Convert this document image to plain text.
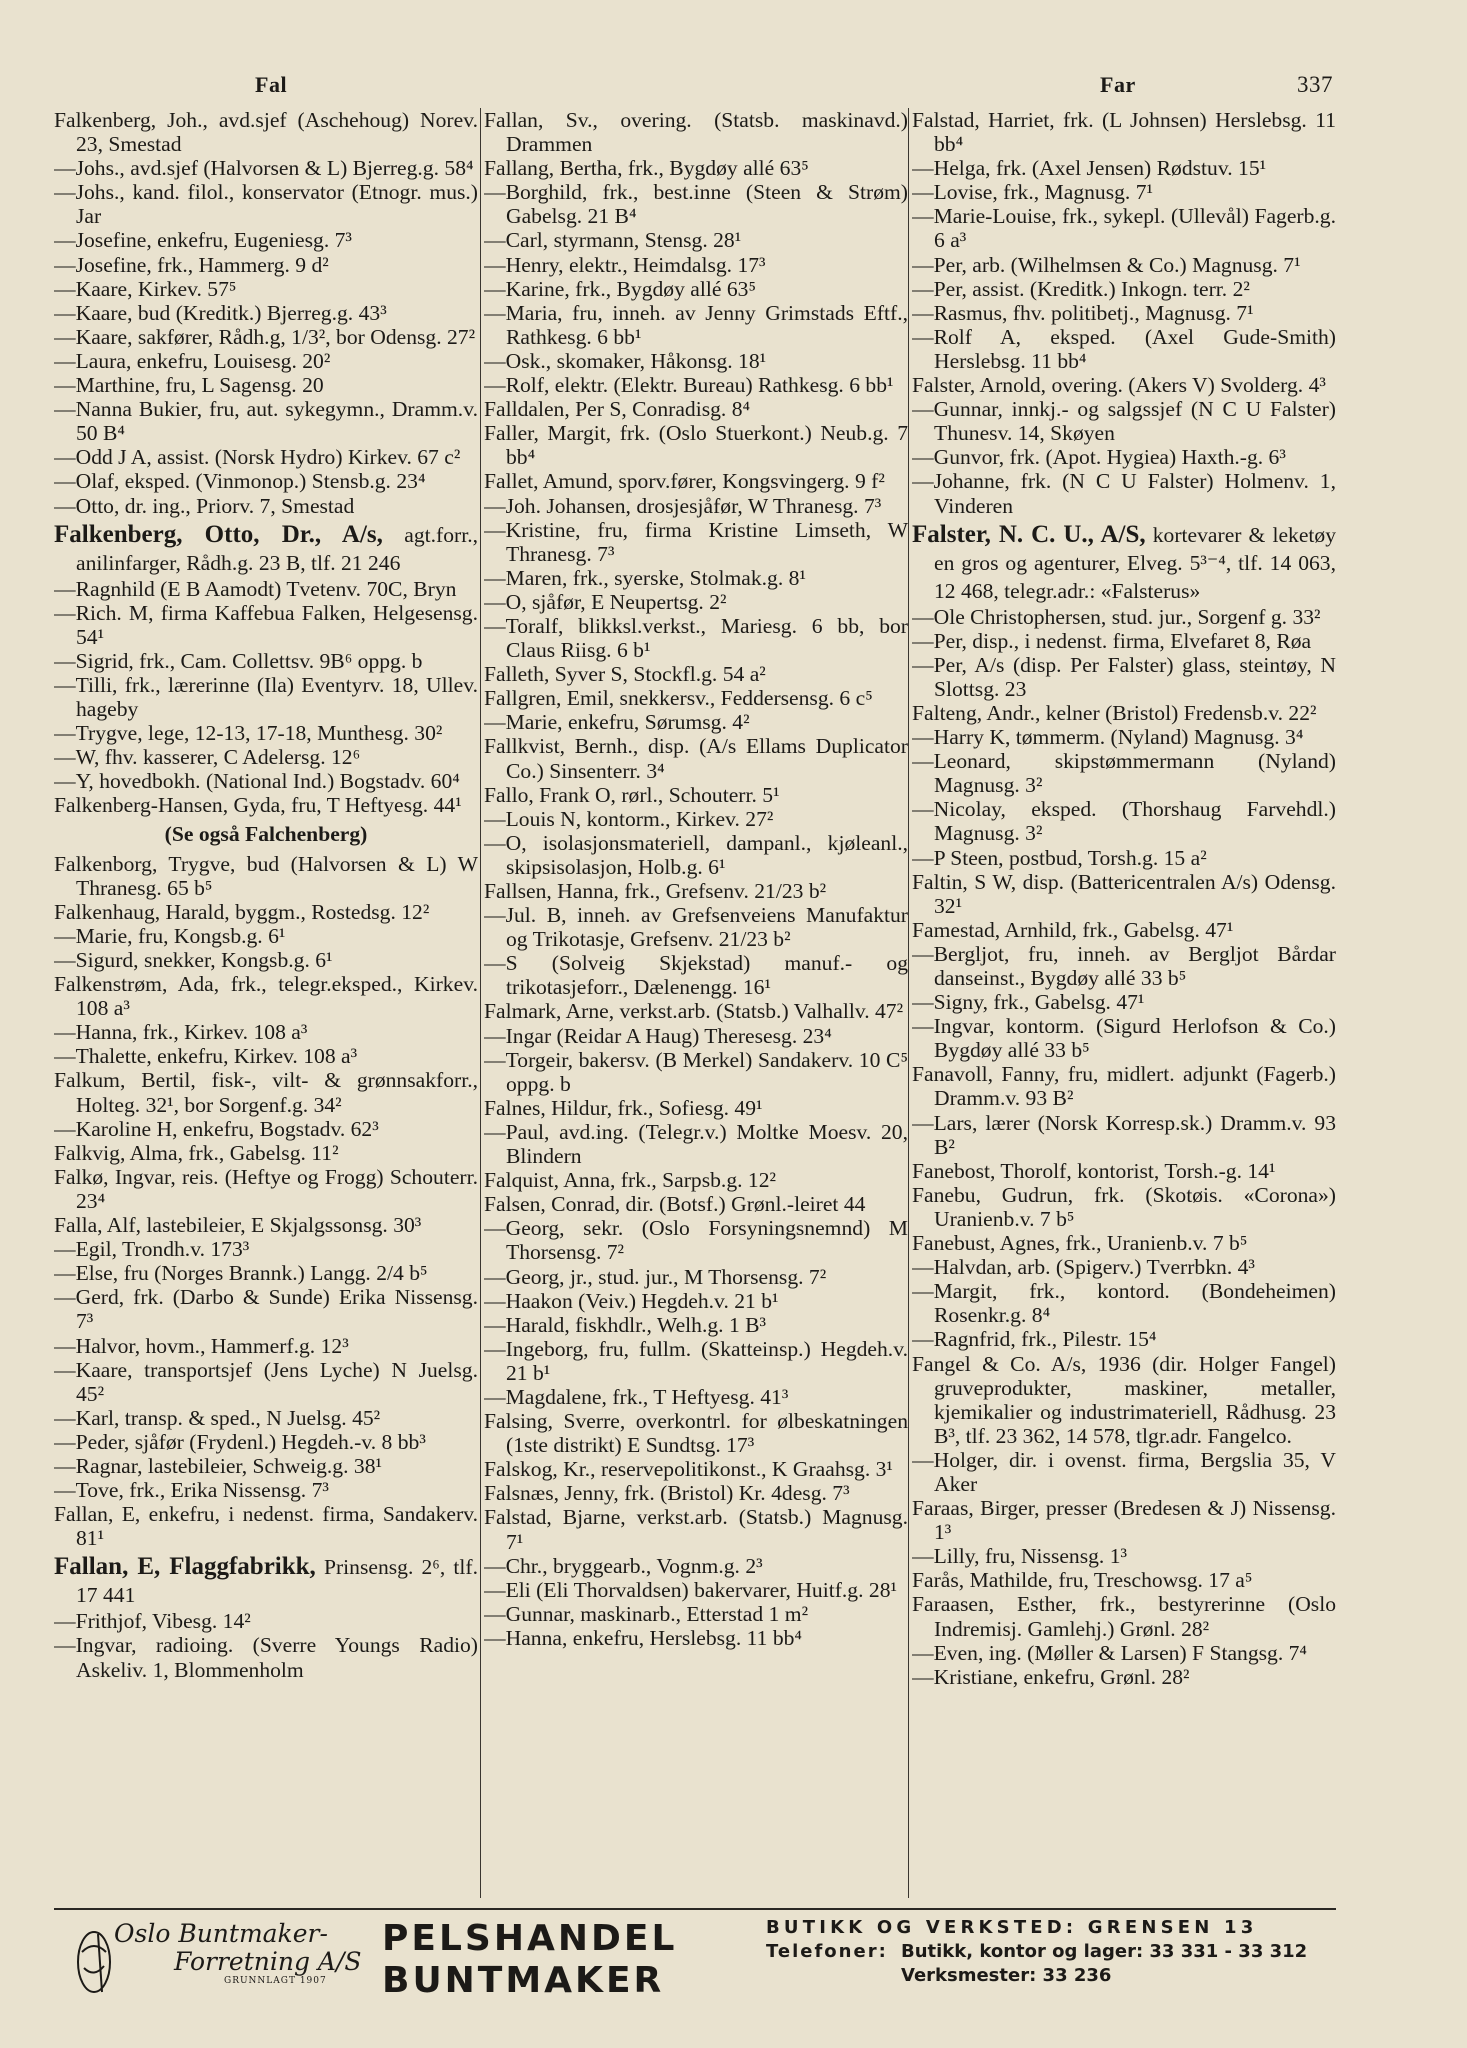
Fal	Far	337
Falkenberg, Joh., avd.sjef (Aschehoug) Norev. 23, Smestad
—Johs., avd.sjef (Halvorsen & L) Bjerreg.g. 58⁴
—Johs., kand. filol., konservator (Etnogr. mus.) Jar
—Josefine, enkefru, Eugeniesg. 7³
—Josefine, frk., Hammerg. 9 d²
—Kaare, Kirkev. 57⁵
—Kaare, bud (Kreditk.) Bjerreg.g. 43³
—Kaare, sakfører, Rådh.g, 1/3², bor Odensg. 27²
—Laura, enkefru, Louisesg. 20²
—Marthine, fru, L Sagensg. 20
—Nanna Bukier, fru, aut. sykegymn., Dramm.v. 50 B⁴
—Odd J A, assist. (Norsk Hydro) Kirkev. 67 c²
—Olaf, eksped. (Vinmonop.) Stensb.g. 23⁴
—Otto, dr. ing., Priorv. 7, Smestad
Falkenberg, Otto, Dr., A/s, agt.forr., anilinfarger, Rådh.g. 23 B, tlf. 21 246
—Ragnhild (E B Aamodt) Tvetenv. 70C, Bryn
—Rich. M, firma Kaffebua Falken, Helgesensg. 54¹
—Sigrid, frk., Cam. Collettsv. 9B⁶ oppg. b
—Tilli, frk., lærerinne (Ila) Eventyrv. 18, Ullev. hageby
—Trygve, lege, 12-13, 17-18, Munthesg. 30²
—W, fhv. kasserer, C Adelersg. 12⁶
—Y, hovedbokh. (National Ind.) Bogstadv. 60⁴
Falkenberg-Hansen, Gyda, fru, T Heftyesg. 44¹
(Se også Falchenberg)
Falkenborg, Trygve, bud (Halvorsen & L) W Thranesg. 65 b⁵
Falkenhaug, Harald, byggm., Rostedsg. 12²
—Marie, fru, Kongsb.g. 6¹
—Sigurd, snekker, Kongsb.g. 6¹
Falkenstrøm, Ada, frk., telegr.eksped., Kirkev. 108 a³
—Hanna, frk., Kirkev. 108 a³
—Thalette, enkefru, Kirkev. 108 a³
Falkum, Bertil, fisk-, vilt- & grønnsakforr., Holteg. 32¹, bor Sorgenf.g. 34²
—Karoline H, enkefru, Bogstadv. 62³
Falkvig, Alma, frk., Gabelsg. 11²
Falkø, Ingvar, reis. (Heftye og Frogg) Schouterr. 23⁴
Falla, Alf, lastebileier, E Skjalgssonsg. 30³
—Egil, Trondh.v. 173³
—Else, fru (Norges Brannk.) Langg. 2/4 b⁵
—Gerd, frk. (Darbo & Sunde) Erika Nissensg. 7³
—Halvor, hovm., Hammerf.g. 12³
—Kaare, transportsjef (Jens Lyche) N Juelsg. 45²
—Karl, transp. & sped., N Juelsg. 45²
—Peder, sjåfør (Frydenl.) Hegdeh.-v. 8 bb³
—Ragnar, lastebileier, Schweig.g. 38¹
—Tove, frk., Erika Nissensg. 7³
Fallan, E, enkefru, i nedenst. firma, Sandakerv. 81¹
Fallan, E, Flaggfabrikk, Prinsensg. 2⁶, tlf. 17 441
—Frithjof, Vibesg. 14²
—Ingvar, radioing. (Sverre Youngs Radio) Askeliv. 1, Blommenholm
Fallan, Sv., overing. (Statsb. maskinavd.) Drammen
Fallang, Bertha, frk., Bygdøy allé 63⁵
—Borghild, frk., best.inne (Steen & Strøm) Gabelsg. 21 B⁴
—Carl, styrmann, Stensg. 28¹
—Henry, elektr., Heimdalsg. 17³
—Karine, frk., Bygdøy allé 63⁵
—Maria, fru, inneh. av Jenny Grimstads Eftf., Rathkesg. 6 bb¹
—Osk., skomaker, Håkonsg. 18¹
—Rolf, elektr. (Elektr. Bureau) Rathkesg. 6 bb¹
Falldalen, Per S, Conradisg. 8⁴
Faller, Margit, frk. (Oslo Stuerkont.) Neub.g. 7 bb⁴
Fallet, Amund, sporv.fører, Kongsvingerg. 9 f²
—Joh. Johansen, drosjesjåfør, W Thranesg. 7³
—Kristine, fru, firma Kristine Limseth, W Thranesg. 7³
—Maren, frk., syerske, Stolmak.g. 8¹
—O, sjåfør, E Neupertsg. 2²
—Toralf, blikksl.verkst., Mariesg. 6 bb, bor Claus Riisg. 6 b¹
Falleth, Syver S, Stockfl.g. 54 a²
Fallgren, Emil, snekkersv., Feddersensg. 6 c⁵
—Marie, enkefru, Sørumsg. 4²
Fallkvist, Bernh., disp. (A/s Ellams Duplicator Co.) Sinsenterr. 3⁴
Fallo, Frank O, rørl., Schouterr. 5¹
—Louis N, kontorm., Kirkev. 27²
—O, isolasjonsmateriell, dampanl., kjøleanl., skipsisolasjon, Holb.g. 6¹
Fallsen, Hanna, frk., Grefsenv. 21/23 b²
—Jul. B, inneh. av Grefsenveiens Manufaktur og Trikotasje, Grefsenv. 21/23 b²
—S (Solveig Skjekstad) manuf.- og trikotasjeforr., Dælenengg. 16¹
Falmark, Arne, verkst.arb. (Statsb.) Valhallv. 47²
—Ingar (Reidar A Haug) Theresesg. 23⁴
—Torgeir, bakersv. (B Merkel) Sandakerv. 10 C⁵ oppg. b
Falnes, Hildur, frk., Sofiesg. 49¹
—Paul, avd.ing. (Telegr.v.) Moltke Moesv. 20, Blindern
Falquist, Anna, frk., Sarpsb.g. 12²
Falsen, Conrad, dir. (Botsf.) Grønl.-leiret 44
—Georg, sekr. (Oslo Forsyningsnemnd) M Thorsensg. 7²
—Georg, jr., stud. jur., M Thorsensg. 7²
—Haakon (Veiv.) Hegdeh.v. 21 b¹
—Harald, fiskhdlr., Welh.g. 1 B³
—Ingeborg, fru, fullm. (Skatteinsp.) Hegdeh.v. 21 b¹
—Magdalene, frk., T Heftyesg. 41³
Falsing, Sverre, overkontrl. for ølbeskatningen (1ste distrikt) E Sundtsg. 17³
Falskog, Kr., reservepolitikonst., K Graahsg. 3¹
Falsnæs, Jenny, frk. (Bristol) Kr. 4desg. 7³
Falstad, Bjarne, verkst.arb. (Statsb.) Magnusg. 7¹
—Chr., bryggearb., Vognm.g. 2³
—Eli (Eli Thorvaldsen) bakervarer, Huitf.g. 28¹
—Gunnar, maskinarb., Etterstad 1 m²
—Hanna, enkefru, Herslebsg. 11 bb⁴
Falstad, Harriet, frk. (L Johnsen) Herslebsg. 11 bb⁴
—Helga, frk. (Axel Jensen) Rødstuv. 15¹
—Lovise, frk., Magnusg. 7¹
—Marie-Louise, frk., sykepl. (Ullevål) Fagerb.g. 6 a³
—Per, arb. (Wilhelmsen & Co.) Magnusg. 7¹
—Per, assist. (Kreditk.) Inkogn. terr. 2²
—Rasmus, fhv. politibetj., Magnusg. 7¹
—Rolf A, eksped. (Axel Gude-Smith) Herslebsg. 11 bb⁴
Falster, Arnold, overing. (Akers V) Svolderg. 4³
—Gunnar, innkj.- og salgssjef (N C U Falster) Thunesv. 14, Skøyen
—Gunvor, frk. (Apot. Hygiea) Haxth.-g. 6³
—Johanne, frk. (N C U Falster) Holmenv. 1, Vinderen
Falster, N. C. U., A/S, kortevarer & leketøy en gros og agenturer, Elveg. 5³⁻⁴, tlf. 14 063, 12 468, telegr.adr.: «Falsterus»
—Ole Christophersen, stud. jur., Sorgenf g. 33²
—Per, disp., i nedenst. firma, Elvefaret 8, Røa
—Per, A/s (disp. Per Falster) glass, steintøy, N Slottsg. 23
Falteng, Andr., kelner (Bristol) Fredensb.v. 22²
—Harry K, tømmerm. (Nyland) Magnusg. 3⁴
—Leonard, skipstømmermann (Nyland) Magnusg. 3²
—Nicolay, eksped. (Thorshaug Farvehdl.) Magnusg. 3²
—P Steen, postbud, Torsh.g. 15 a²
Faltin, S W, disp. (Battericentralen A/s) Odensg. 32¹
Famestad, Arnhild, frk., Gabelsg. 47¹
—Bergljot, fru, inneh. av Bergljot Bårdar danseinst., Bygdøy allé 33 b⁵
—Signy, frk., Gabelsg. 47¹
—Ingvar, kontorm. (Sigurd Herlofson & Co.) Bygdøy allé 33 b⁵
Fanavoll, Fanny, fru, midlert. adjunkt (Fagerb.) Dramm.v. 93 B²
—Lars, lærer (Norsk Korresp.sk.) Dramm.v. 93 B²
Fanebost, Thorolf, kontorist, Torsh.-g. 14¹
Fanebu, Gudrun, frk. (Skotøis. «Corona») Uranienb.v. 7 b⁵
Fanebust, Agnes, frk., Uranienb.v. 7 b⁵
—Halvdan, arb. (Spigerv.) Tverrbkn. 4³
—Margit, frk., kontord. (Bondeheimen) Rosenkr.g. 8⁴
—Ragnfrid, frk., Pilestr. 15⁴
Fangel & Co. A/s, 1936 (dir. Holger Fangel) gruveprodukter, maskiner, metaller, kjemikalier og industrimateriell, Rådhusg. 23 B³, tlf. 23 362, 14 578, tlgr.adr. Fangelco.
—Holger, dir. i ovenst. firma, Bergslia 35, V Aker
Faraas, Birger, presser (Bredesen & J) Nissensg. 1³
—Lilly, fru, Nissensg. 1³
Farås, Mathilde, fru, Treschowsg. 17 a⁵
Faraasen, Esther, frk., bestyrerinne (Oslo Indremisj. Gamlehj.) Grønl. 28²
—Even, ing. (Møller & Larsen) F Stangsg. 7⁴
—Kristiane, enkefru, Grønl. 28²
Oslo Buntmaker-
Forretning A/S
GRUNNLAGT 1907
PELSHANDEL
BUNTMAKER
BUTIKK OG VERKSTED: GRENSEN 13
Telefoner: Butikk, kontor og lager: 33 331 - 33 312
Verksmester: 33 236
